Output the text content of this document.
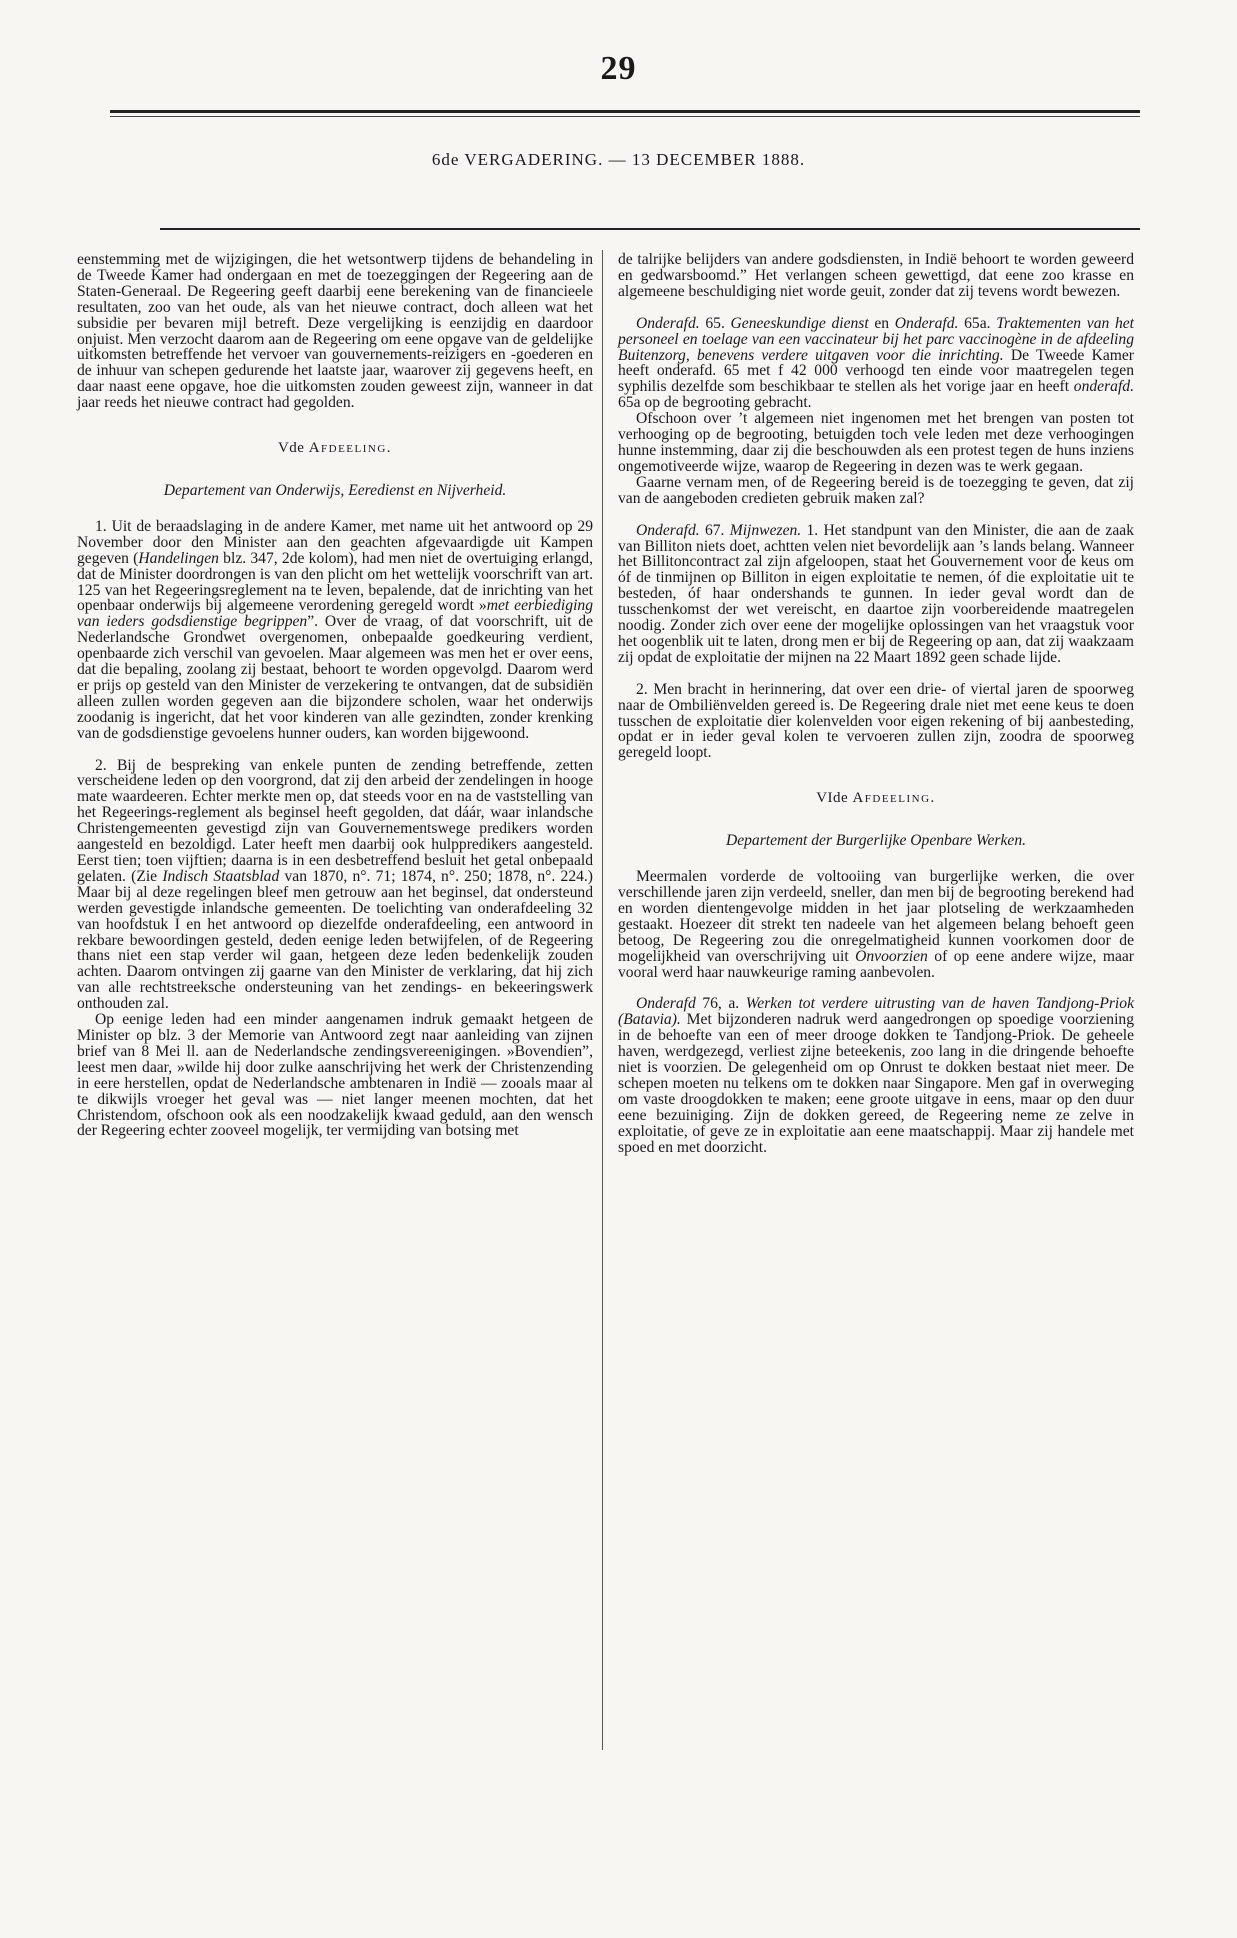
29
6de VERGADERING. — 13 DECEMBER 1888.

eenstemming met de wijzigingen, die het wetsontwerp tijdens de behandeling in de Tweede Kamer had ondergaan en met de toezeggingen der Regeering aan de Staten-Generaal. De Regeering geeft daarbij eene berekening van de financieele resultaten, zoo van het oude, als van het nieuwe contract, doch alleen wat het subsidie per bevaren mijl betreft. Deze vergelijking is eenzijdig en daardoor onjuist. Men verzocht daarom aan de Regeering om eene opgave van de geldelijke uitkomsten betreffende het vervoer van gouvernements-reizigers en -goederen en de inhuur van schepen gedurende het laatste jaar, waarover zij gegevens heeft, en daar naast eene opgave, hoe die uitkomsten zouden geweest zijn, wanneer in dat jaar reeds het nieuwe contract had gegolden.

Vde Afdeeling.
Departement van Onderwijs, Eeredienst en Nijverheid.

1. Uit de beraadslaging in de andere Kamer, met name uit het antwoord op 29 November door den Minister aan den geachten afgevaardigde uit Kampen gegeven (Handelingen blz. 347, 2de kolom), had men niet de overtuiging erlangd, dat de Minister doordrongen is van den plicht om het wettelijk voorschrift van art. 125 van het Regeeringsreglement na te leven, bepalende, dat de inrichting van het openbaar onderwijs bij algemeene verordening geregeld wordt »met eerbiediging van ieders godsdienstige begrippen”. Over de vraag, of dat voorschrift, uit de Nederlandsche Grondwet overgenomen, onbepaalde goedkeuring verdient, openbaarde zich verschil van gevoelen. Maar algemeen was men het er over eens, dat die bepaling, zoolang zij bestaat, behoort te worden opgevolgd. Daarom werd er prijs op gesteld van den Minister de verzekering te ontvangen, dat de subsidiën alleen zullen worden gegeven aan die bijzondere scholen, waar het onderwijs zoodanig is ingericht, dat het voor kinderen van alle gezindten, zonder krenking van de godsdienstige gevoelens hunner ouders, kan worden bijgewoond.

2. Bij de bespreking van enkele punten de zending betreffende, zetten verscheidene leden op den voorgrond, dat zij den arbeid der zendelingen in hooge mate waardeeren. Echter merkte men op, dat steeds voor en na de vaststelling van het Regeerings-reglement als beginsel heeft gegolden, dat dáár, waar inlandsche Christengemeenten gevestigd zijn van Gouvernementswege predikers worden aangesteld en bezoldigd. Later heeft men daarbij ook hulppredikers aangesteld. Eerst tien; toen vijftien; daarna is in een desbetreffend besluit het getal onbepaald gelaten. (Zie Indisch Staatsblad van 1870, n°. 71; 1874, n°. 250; 1878, n°. 224.) Maar bij al deze regelingen bleef men getrouw aan het beginsel, dat ondersteund werden gevestigde inlandsche gemeenten. De toelichting van onderafdeeling 32 van hoofdstuk I en het antwoord op diezelfde onderafdeeling, een antwoord in rekbare bewoordingen gesteld, deden eenige leden betwijfelen, of de Regeering thans niet een stap verder wil gaan, hetgeen deze leden bedenkelijk zouden achten. Daarom ontvingen zij gaarne van den Minister de verklaring, dat hij zich van alle rechtstreeksche ondersteuning van het zendings- en bekeeringswerk onthouden zal.

Op eenige leden had een minder aangenamen indruk gemaakt hetgeen de Minister op blz. 3 der Memorie van Antwoord zegt naar aanleiding van zijnen brief van 8 Mei ll. aan de Nederlandsche zendingsvereenigingen. »Bovendien”, leest men daar, »wilde hij door zulke aanschrijving het werk der Christenzending in eere herstellen, opdat de Nederlandsche ambtenaren in Indië — zooals maar al te dikwijls vroeger het geval was — niet langer meenen mochten, dat het Christendom, ofschoon ook als een noodzakelijk kwaad geduld, aan den wensch der Regeering echter zooveel mogelijk, ter vermijding van botsing met

de talrijke belijders van andere godsdiensten, in Indië behoort te worden geweerd en gedwarsboomd.” Het verlangen scheen gewettigd, dat eene zoo krasse en algemeene beschuldiging niet worde geuit, zonder dat zij tevens wordt bewezen.

Onderafd. 65. Geneeskundige dienst en Onderafd. 65a. Traktementen van het personeel en toelage van een vaccinateur bij het parc vaccinogène in de afdeeling Buitenzorg, benevens verdere uitgaven voor die inrichting. De Tweede Kamer heeft onderafd. 65 met f 42 000 verhoogd ten einde voor maatregelen tegen syphilis dezelfde som beschikbaar te stellen als het vorige jaar en heeft onderafd. 65a op de begrooting gebracht.

Ofschoon over ’t algemeen niet ingenomen met het brengen van posten tot verhooging op de begrooting, betuigden toch vele leden met deze verhoogingen hunne instemming, daar zij die beschouwden als een protest tegen de huns inziens ongemotiveerde wijze, waarop de Regeering in dezen was te werk gegaan.

Gaarne vernam men, of de Regeering bereid is de toezegging te geven, dat zij van de aangeboden credieten gebruik maken zal?

Onderafd. 67. Mijnwezen. 1. Het standpunt van den Minister, die aan de zaak van Billiton niets doet, achtten velen niet bevordelijk aan ’s lands belang. Wanneer het Billitoncontract zal zijn afgeloopen, staat het Gouvernement voor de keus om óf de tinmijnen op Billiton in eigen exploitatie te nemen, óf die exploitatie uit te besteden, óf haar ondershands te gunnen. In ieder geval wordt dan de tusschenkomst der wet vereischt, en daartoe zijn voorbereidende maatregelen noodig. Zonder zich over eene der mogelijke oplossingen van het vraagstuk voor het oogenblik uit te laten, drong men er bij de Regeering op aan, dat zij waakzaam zij opdat de exploitatie der mijnen na 22 Maart 1892 geen schade lijde.

2. Men bracht in herinnering, dat over een drie- of viertal jaren de spoorweg naar de Ombiliënvelden gereed is. De Regeering drale niet met eene keus te doen tusschen de exploitatie dier kolenvelden voor eigen rekening of bij aanbesteding, opdat er in ieder geval kolen te vervoeren zullen zijn, zoodra de spoorweg geregeld loopt.

VIde Afdeeling.
Departement der Burgerlijke Openbare Werken.

Meermalen vorderde de voltooiing van burgerlijke werken, die over verschillende jaren zijn verdeeld, sneller, dan men bij de begrooting berekend had en worden dientengevolge midden in het jaar plotseling de werkzaamheden gestaakt. Hoezeer dit strekt ten nadeele van het algemeen belang behoeft geen betoog, De Regeering zou die onregelmatigheid kunnen voorkomen door de mogelijkheid van overschrijving uit Onvoorzien of op eene andere wijze, maar vooral werd haar nauwkeurige raming aanbevolen.

Onderafd 76, a. Werken tot verdere uitrusting van de haven Tandjong-Priok (Batavia). Met bijzonderen nadruk werd aangedrongen op spoedige voorziening in de behoefte van een of meer drooge dokken te Tandjong-Priok. De geheele haven, werdgezegd, verliest zijne beteekenis, zoo lang in die dringende behoefte niet is voorzien. De gelegenheid om op Onrust te dokken bestaat niet meer. De schepen moeten nu telkens om te dokken naar Singapore. Men gaf in overweging om vaste droogdokken te maken; eene groote uitgave in eens, maar op den duur eene bezuiniging. Zijn de dokken gereed, de Regeering neme ze zelve in exploitatie, of geve ze in exploitatie aan eene maatschappij. Maar zij handele met spoed en met doorzicht.
